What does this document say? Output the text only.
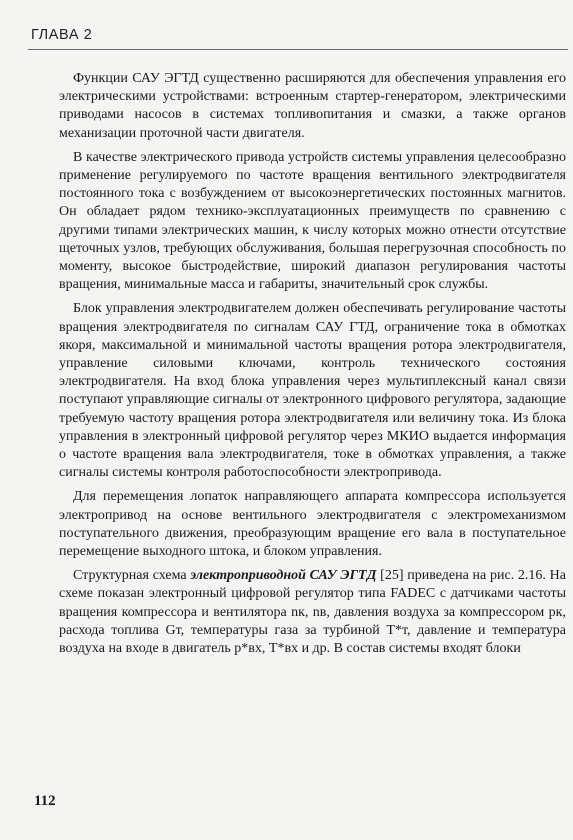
ГЛАВА 2

Функции САУ ЭГТД существенно расширяются для обеспечения управления его электрическими устройствами: встроенным стартер-генератором, электрическими приводами насосов в системах топливопитания и смазки, а также органов механизации проточной части двигателя.

В качестве электрического привода устройств системы управления целесообразно применение регулируемого по частоте вращения вентильного электродвигателя постоянного тока с возбуждением от высокоэнергетических постоянных магнитов. Он обладает рядом технико-эксплуатационных преимуществ по сравнению с другими типами электрических машин, к числу которых можно отнести отсутствие щеточных узлов, требующих обслуживания, большая перегрузочная способность по моменту, высокое быстродействие, широкий диапазон регулирования частоты вращения, минимальные масса и габариты, значительный срок службы.

Блок управления электродвигателем должен обеспечивать регулирование частоты вращения электродвигателя по сигналам САУ ГТД, ограничение тока в обмотках якоря, максимальной и минимальной частоты вращения ротора электродвигателя, управление силовыми ключами, контроль технического состояния электродвигателя. На вход блока управления через мультиплексный канал связи поступают управляющие сигналы от электронного цифрового регулятора, задающие требуемую частоту вращения ротора электродвигателя или величину тока. Из блока управления в электронный цифровой регулятор через МКИО выдается информация о частоте вращения вала электродвигателя, токе в обмотках управления, а также сигналы системы контроля работоспособности электропривода.

Для перемещения лопаток направляющего аппарата компрессора используется электропривод на основе вентильного электродвигателя с электромеханизмом поступательного движения, преобразующим вращение его вала в поступательное перемещение выходного штока, и блоком управления.

Структурная схема электроприводной САУ ЭГТД [25] приведена на рис. 2.16. На схеме показан электронный цифровой регулятор типа FADEC с датчиками частоты вращения компрессора и вентилятора nк, nв, давления воздуха за компрессором pк, расхода топлива Gт, температуры газа за турбиной T*т, давление и температура воздуха на входе в двигатель p*вх, T*вх и др. В состав системы входят блоки

112
